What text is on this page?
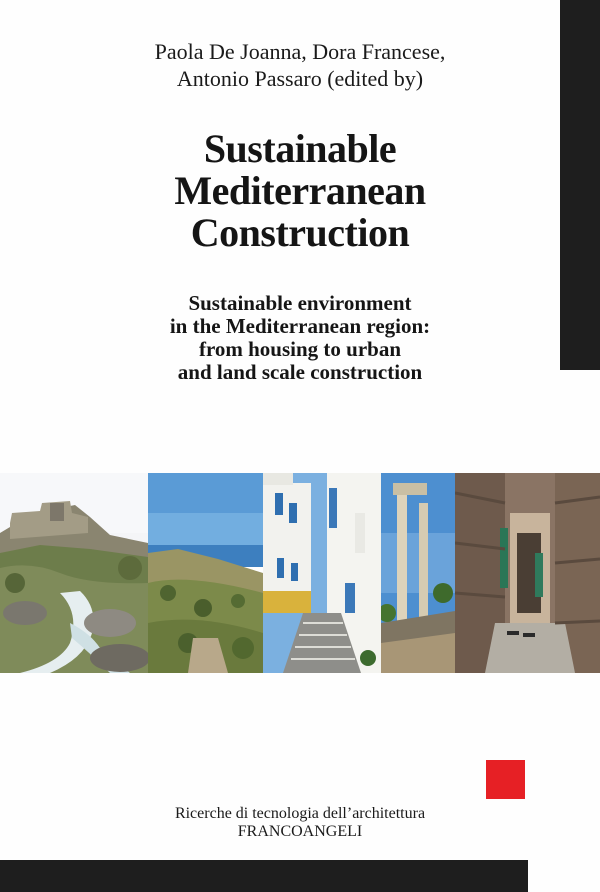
Paola De Joanna, Dora Francese,
Antonio Passaro (edited by)
Sustainable
Mediterranean
Construction
Sustainable environment
in the Mediterranean region:
from housing to urban
and land scale construction
Ricerche di tecnologia dell’architettura
FRANCOANGELI
